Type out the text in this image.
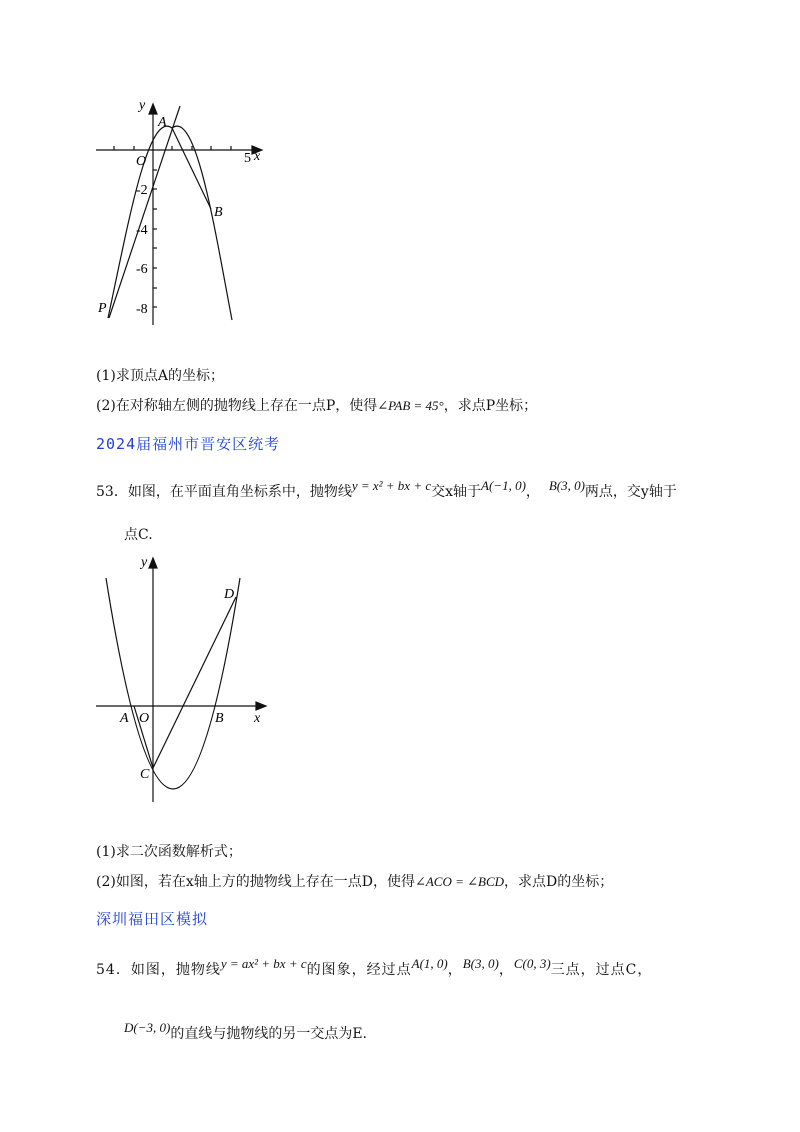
y
x
5
O
A
B
P
-2
-4
-6
-8
(1)求顶点A的坐标；
(2)在对称轴左侧的抛物线上存在一点P，使得∠PAB = 45°，求点P坐标；
2024届福州市晋安区统考
53．如图，在平面直角坐标系中，抛物线y = x² + bx + c交x轴于A(−1, 0)， B(3, 0)两点，交y轴于
点C.
y
x
O
A	B
C
D
(1)求二次函数解析式；
(2)如图，若在x轴上方的抛物线上存在一点D，使得∠ACO = ∠BCD，求点D的坐标；
深圳福田区模拟
54．如图，抛物线y = ax² + bx + c的图象，经过点A(1, 0)，B(3, 0)，C(0, 3)三点，过点C，
D(−3, 0)的直线与抛物线的另一交点为E.
